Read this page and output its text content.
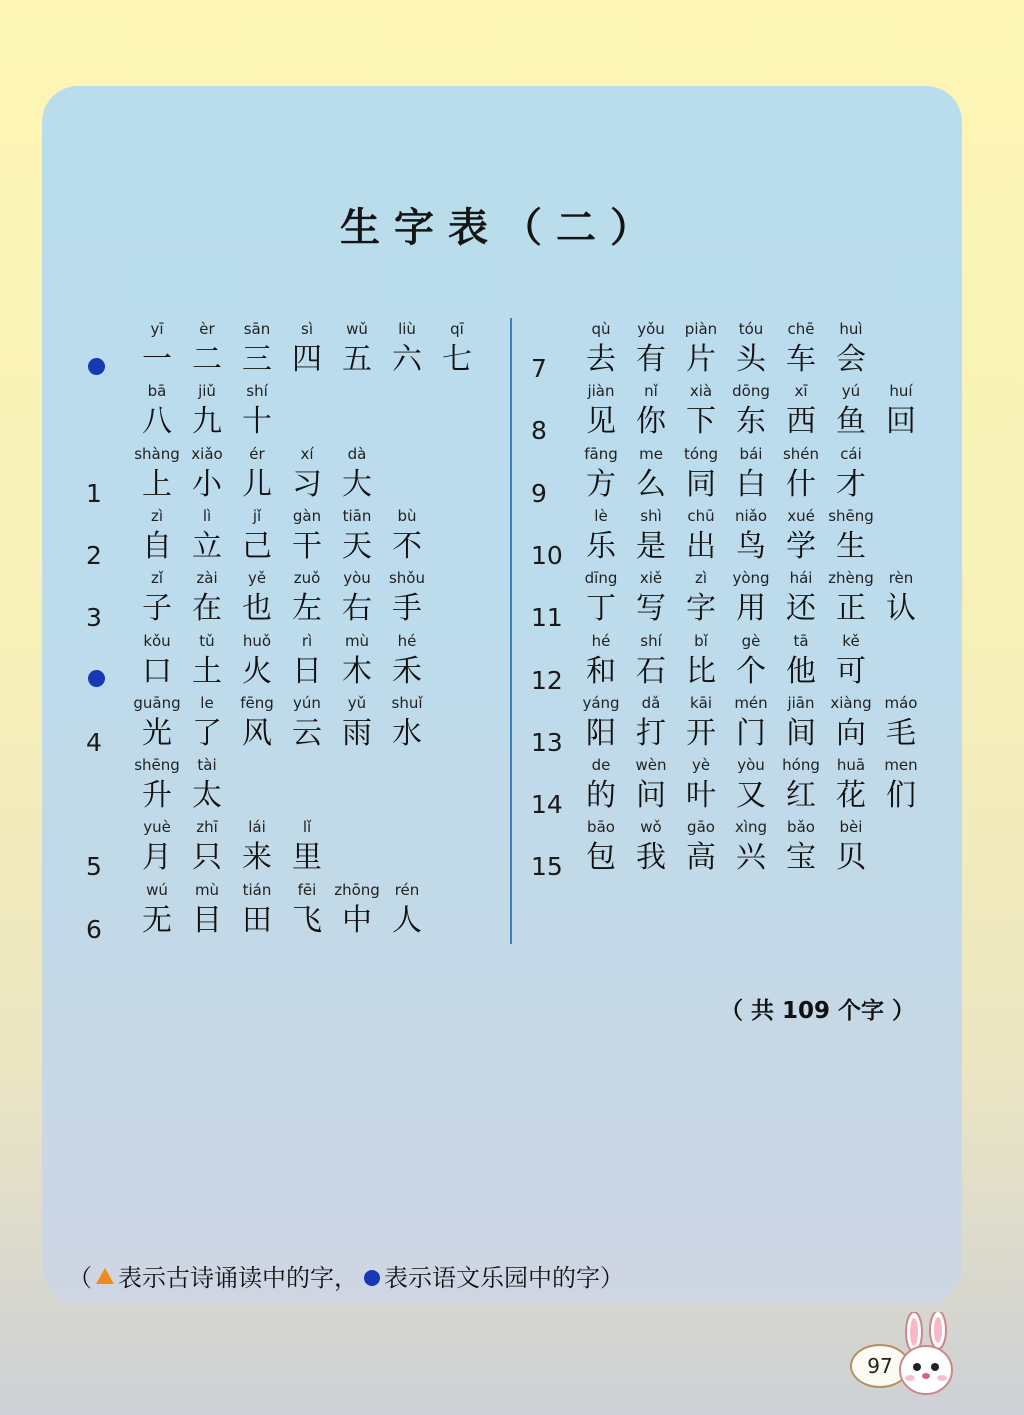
生字表（二）
yī
一
èr
二
sān
三
sì
四
wǔ
五
liù
六
qī
七
bā
八
jiǔ
九
shí
十
1
shàng
上
xiǎo
小
ér
儿
xí
习
dà
大
2
zì
自
lì
立
jǐ
己
gàn
干
tiān
天
bù
不
3
zǐ
子
zài
在
yě
也
zuǒ
左
yòu
右
shǒu
手
kǒu
口
tǔ
土
huǒ
火
rì
日
mù
木
hé
禾
4
guāng
光
le
了
fēng
风
yún
云
yǔ
雨
shuǐ
水
shēng
升
tài
太
5
yuè
月
zhī
只
lái
来
lǐ
里
6
wú
无
mù
目
tián
田
fēi
飞
zhōng
中
rén
人
7
qù
去
yǒu
有
piàn
片
tóu
头
chē
车
huì
会
8
jiàn
见
nǐ
你
xià
下
dōng
东
xī
西
yú
鱼
huí
回
9
fāng
方
me
么
tóng
同
bái
白
shén
什
cái
才
10
lè
乐
shì
是
chū
出
niǎo
鸟
xué
学
shēng
生
11
dīng
丁
xiě
写
zì
字
yòng
用
hái
还
zhèng
正
rèn
认
12
hé
和
shí
石
bǐ
比
gè
个
tā
他
kě
可
13
yáng
阳
dǎ
打
kāi
开
mén
门
jiān
间
xiàng
向
máo
毛
14
de
的
wèn
问
yè
叶
yòu
又
hóng
红
huā
花
men
们
15
bāo
包
wǒ
我
gāo
高
xìng
兴
bǎo
宝
bèi
贝
（ 共 109 个字 ）
（ 表示古诗诵读中的字， 表示语文乐园中的字）
97
